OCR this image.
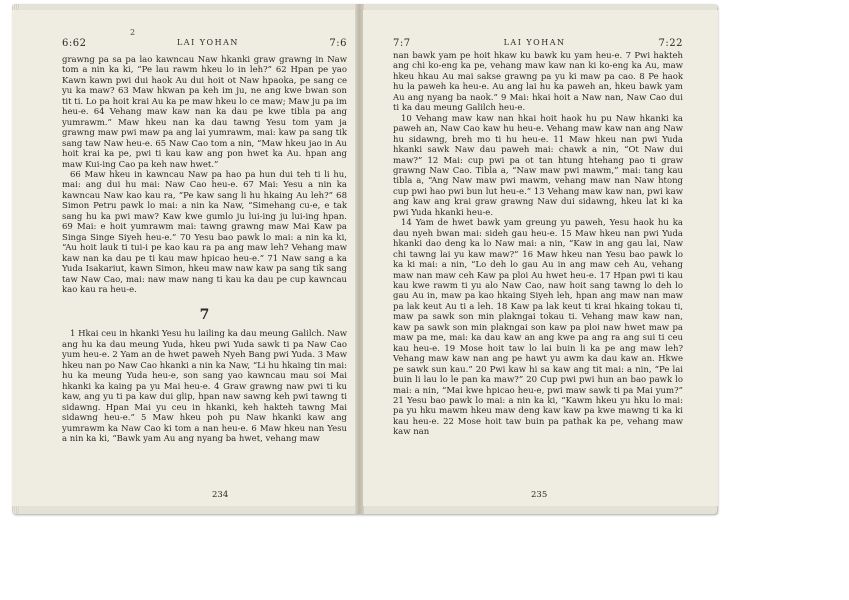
2
6:62	LAI YOHAN	7:6

grawng pa sa pa lao kawncau Naw hkanki graw grawng in Naw tom a nin ka ki, “Pe lau rawm hkeu lo in leh?” 62 Hpan pe yao Kawn kawn pwi dui haok Au dui hoit ot Naw hpaoka, pe sang ce yu ka maw? 63 Maw hkwan pa keh im ju, ne ang kwe bwan son tit ti. Lo pa hoit krai Au ka pe maw hkeu lo ce maw; Maw ju pa im heu-e. 64 Vehang maw kaw nan ka dau pe kwe tibla pa ang yumrawm.” Maw hkeu nan ka dau tawng Yesu tom yam ja grawng maw pwi maw pa ang lai yumrawm, mai: kaw pa sang tik sang taw Naw heu-e. 65 Naw Cao tom a nin, “Maw hkeu jao in Au hoit krai ka pe, pwi ti kau kaw ang pon hwet ka Au. hpan ang maw Kui-ing Cao pa keh naw hwet.”

66 Maw hkeu in kawncau Naw pa hao pa hun dui teh ti li hu, mai: ang dui hu mai: Naw Cao heu-e. 67 Mai: Yesu a nin ka kawncau Naw kao kau ra, “Pe kaw sang li hu hkaing Au leh?” 68 Simon Petru pawk lo mai: a nin ka Naw, “Simehang cu-e, e tak sang hu ka pwi maw? Kaw kwe gumlo ju lui-ing ju lui-ing hpan. 69 Mai: e hoit yumrawm mai: tawng grawng maw Mai Kaw pa Singa Singe Siyeh heu-e.” 70 Yesu bao pawk lo mai: a nin ka ki, “Au hoit lauk ti tui-i pe kao kau ra pa ang maw leh? Vehang maw kaw nan ka dau pe ti kau maw hpicao heu-e.” 71 Naw sang a ka Yuda Isakariut, kawn Simon, hkeu maw naw kaw pa sang tik sang taw Naw Cao, mai: naw maw nang ti kau ka dau pe cup kawncau kao kau ra heu-e.

7

1 Hkai ceu in hkanki Yesu hu lailing ka dau meung Galilch. Naw ang hu ka dau meung Yuda, hkeu pwi Yuda sawk ti pa Naw Cao yum heu-e. 2 Yam an de hwet paweh Nyeh Bang pwi Yuda. 3 Maw hkeu nan po Naw Cao hkanki a nin ka Naw, “Li hu hkaing tin mai: hu ka meung Yuda heu-e, son sang yao kawncau mau soi Mai hkanki ka kaing pa yu Mai heu-e. 4 Graw grawng naw pwi ti ku kaw, ang yu ti pa kaw dui glip, hpan naw sawng keh pwi tawng ti sidawng. Hpan Mai yu ceu in hkanki, keh hakteh tawng Mai sidawng heu-e.” 5 Maw hkeu poh pu Naw hkanki kaw ang yumrawm ka Naw Cao ki tom a nan heu-e. 6 Maw hkeu nan Yesu a nin ka ki, “Bawk yam Au ang nyang ba hwet, vehang maw

234
7:7	LAI YOHAN	7:22

nan bawk yam pe hoit hkaw ku bawk ku yam heu-e. 7 Pwi hakteh ang chi ko-eng ka pe, vehang maw kaw nan ki ko-eng ka Au, maw hkeu hkau Au mai sakse grawng pa yu ki maw pa cao. 8 Pe haok hu la paweh ka heu-e. Au ang lai hu ka paweh an, hkeu bawk yam Au ang nyang ba naok.” 9 Mai: hkai hoit a Naw nan, Naw Cao dui ti ka dau meung Galilch heu-e.

10 Vehang maw kaw nan hkai hoit haok hu pu Naw hkanki ka paweh an, Naw Cao kaw hu heu-e. Vehang maw kaw nan ang Naw hu sidawng, breh mo ti hu heu-e. 11 Maw hkeu nan pwi Yuda hkanki sawk Naw dau paweh mai: chawk a nin, “Ot Naw dui maw?” 12 Mai: cup pwi pa ot tan htung htehang pao ti graw grawng Naw Cao. Tibla a, “Naw maw pwi mawm,” mai: tang kau tibla a, “Ang Naw maw pwi mawm, vehang maw nan Naw htong cup pwi hao pwi bun lut heu-e.” 13 Vehang maw kaw nan, pwi kaw ang kaw ang krai graw grawng Naw dui sidawng, hkeu lat ki ka pwi Yuda hkanki heu-e.

14 Yam de hwet bawk yam greung yu paweh, Yesu haok hu ka dau nyeh bwan mai: sideh gau heu-e. 15 Maw hkeu nan pwi Yuda hkanki dao deng ka lo Naw mai: a nin, “Kaw in ang gau lai, Naw chi tawng lai yu kaw maw?” 16 Maw hkeu nan Yesu bao pawk lo ka ki mai: a nin, “Lo deh lo gau Au in ang maw ceh Au, vehang maw nan maw ceh Kaw pa ploi Au hwet heu-e. 17 Hpan pwi ti kau kau kwe rawm ti yu alo Naw Cao, naw hoit sang tawng lo deh lo gau Au in, maw pa kao hkaing Siyeh leh, hpan ang maw nan maw pa lak keut Au ti a leh. 18 Kaw pa lak keut ti krai hkaing tokau ti, maw pa sawk son min plakngai tokau ti. Vehang maw kaw nan, kaw pa sawk son min plakngai son kaw pa ploi naw hwet maw pa maw pa me, mai: ka dau kaw an ang kwe pa ang ra ang sui ti ceu kau heu-e. 19 Mose hoit taw lo lai buin li ka pe ang maw leh? Vehang maw kaw nan ang pe hawt yu awm ka dau kaw an. Hkwe pe sawk sun kau.” 20 Pwi kaw hi sa kaw ang tit mai: a nin, “Pe lai buin li lau lo le pan ka maw?” 20 Cup pwi pwi hun an bao pawk lo mai: a nin, “Mai kwe hpicao heu-e, pwi maw sawk ti pa Mai yum?” 21 Yesu bao pawk lo mai: a nin ka ki, “Kawm hkeu yu hku lo mai: pa yu hku mawm hkeu maw deng kaw kaw pa kwe mawng ti ka ki kau heu-e. 22 Mose hoit taw buin pa pathak ka pe, vehang maw kaw nan

235
